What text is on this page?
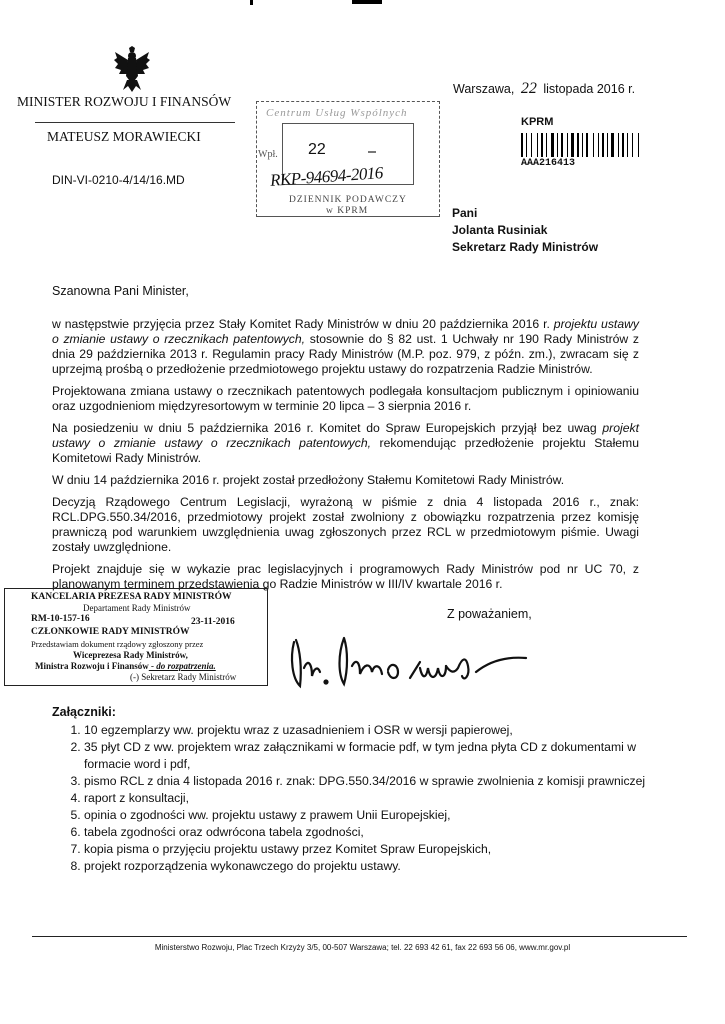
MINISTER ROZWOJU I FINANSÓW
MATEUSZ MORAWIECKI
DIN-VI-0210-4/14/16.MD
Centrum Usług Wspólnych
Wpł. 22
RKP-94694-2016
DZIENNIK PODAWCZY
w KPRM
Warszawa, 22 listopada 2016 r.
KPRM
AAA216413
Pani
Jolanta Rusiniak
Sekretarz Rady Ministrów
Szanowna Pani Minister,

w następstwie przyjęcia przez Stały Komitet Rady Ministrów w dniu 20 października 2016 r. projektu ustawy o zmianie ustawy o rzecznikach patentowych, stosownie do § 82 ust. 1 Uchwały nr 190 Rady Ministrów z dnia 29 października 2013 r. Regulamin pracy Rady Ministrów (M.P. poz. 979, z późn. zm.), zwracam się z uprzejmą prośbą o przedłożenie przedmiotowego projektu ustawy do rozpatrzenia Radzie Ministrów.

Projektowana zmiana ustawy o rzecznikach patentowych podlegała konsultacjom publicznym i opiniowaniu oraz uzgodnieniom międzyresortowym w terminie 20 lipca – 3 sierpnia 2016 r.

Na posiedzeniu w dniu 5 października 2016 r. Komitet do Spraw Europejskich przyjął bez uwag projekt ustawy o zmianie ustawy o rzecznikach patentowych, rekomendując przedłożenie projektu Stałemu Komitetowi Rady Ministrów.

W dniu 14 października 2016 r. projekt został przedłożony Stałemu Komitetowi Rady Ministrów.

Decyzją Rządowego Centrum Legislacji, wyrażoną w piśmie z dnia 4 listopada 2016 r., znak: RCL.DPG.550.34/2016, przedmiotowy projekt został zwolniony z obowiązku rozpatrzenia przez komisję prawniczą pod warunkiem uwzględnienia uwag zgłoszonych przez RCL w przedmiotowym piśmie. Uwagi zostały uwzględnione.

Projekt znajduje się w wykazie prac legislacyjnych i programowych Rady Ministrów pod nr UC 70, z planowanym terminem przedstawienia go Radzie Ministrów w III/IV kwartale 2016 r.

KANCELARIA PREZESA RADY MINISTRÓW
Departament Rady Ministrów
RM-10-157-16	23-11-2016
CZŁONKOWIE RADY MINISTRÓW
Przedstawiam dokument rządowy zgłoszony przez
Wiceprezesa Rady Ministrów,
Ministra Rozwoju i Finansów - do rozpatrzenia.
(-) Sekretarz Rady Ministrów
Z poważaniem,
Załączniki:
1. 10 egzemplarzy ww. projektu wraz z uzasadnieniem i OSR w wersji papierowej,
2. 35 płyt CD z ww. projektem wraz załącznikami w formacie pdf, w tym jedna płyta CD z dokumentami w formacie word i pdf,
3. pismo RCL z dnia 4 listopada 2016 r. znak: DPG.550.34/2016 w sprawie zwolnienia z komisji prawniczej
4. raport z konsultacji,
5. opinia o zgodności ww. projektu ustawy z prawem Unii Europejskiej,
6. tabela zgodności oraz odwrócona tabela zgodności,
7. kopia pisma o przyjęciu projektu ustawy przez Komitet Spraw Europejskich,
8. projekt rozporządzenia wykonawczego do projektu ustawy.
Ministerstwo Rozwoju, Plac Trzech Krzyży 3/5, 00-507 Warszawa; tel. 22 693 42 61, fax 22 693 56 06, www.mr.gov.pl
